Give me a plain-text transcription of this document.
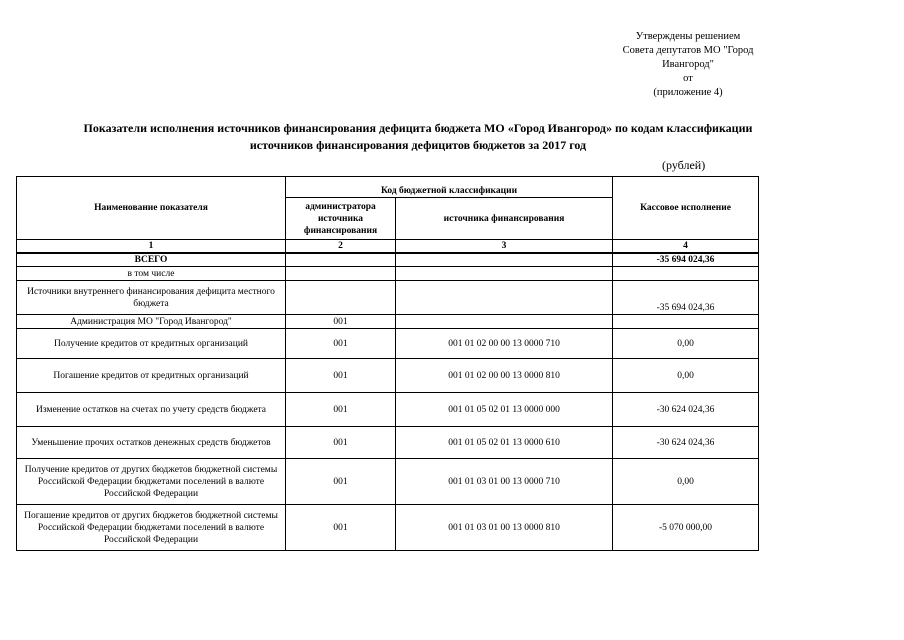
Утверждены решением
Совета депутатов МО "Город
Ивангород"
от
(приложение 4)
Показатели исполнения источников финансирования дефицита бюджета МО «Город Ивангород» по кодам классификации
источников финансирования дефицитов бюджетов за 2017 год
(рублей)
Наименование показателя	Код бюджетной классификации		Кассовое исполнение
	администратора источника финансирования	источника финансирования	
1	2	3	4
ВСЕГО			-35 694 024,36
в том числе			
Источники внутреннего финансирования дефицита местного бюджета			-35 694 024,36
Администрация МО "Город Ивангород"	001		
Получение кредитов от кредитных организаций	001	001 01 02 00 00 13 0000 710	0,00
Погашение кредитов от кредитных организаций	001	001 01 02 00 00 13 0000 810	0,00
Изменение остатков на счетах по учету средств бюджета	001	001 01 05 02 01 13 0000 000	-30 624 024,36
Уменьшение прочих остатков денежных средств бюджетов	001	001 01 05 02 01 13 0000 610	-30 624 024,36
Получение кредитов от других бюджетов бюджетной системы Российской Федерации бюджетами поселений в валюте Российской Федерации	001	001 01 03 01 00 13 0000 710	0,00
Погашение кредитов от других бюджетов бюджетной системы Российской Федерации бюджетами поселений в валюте Российской Федерации	001	001 01 03 01 00 13 0000 810	-5 070 000,00
